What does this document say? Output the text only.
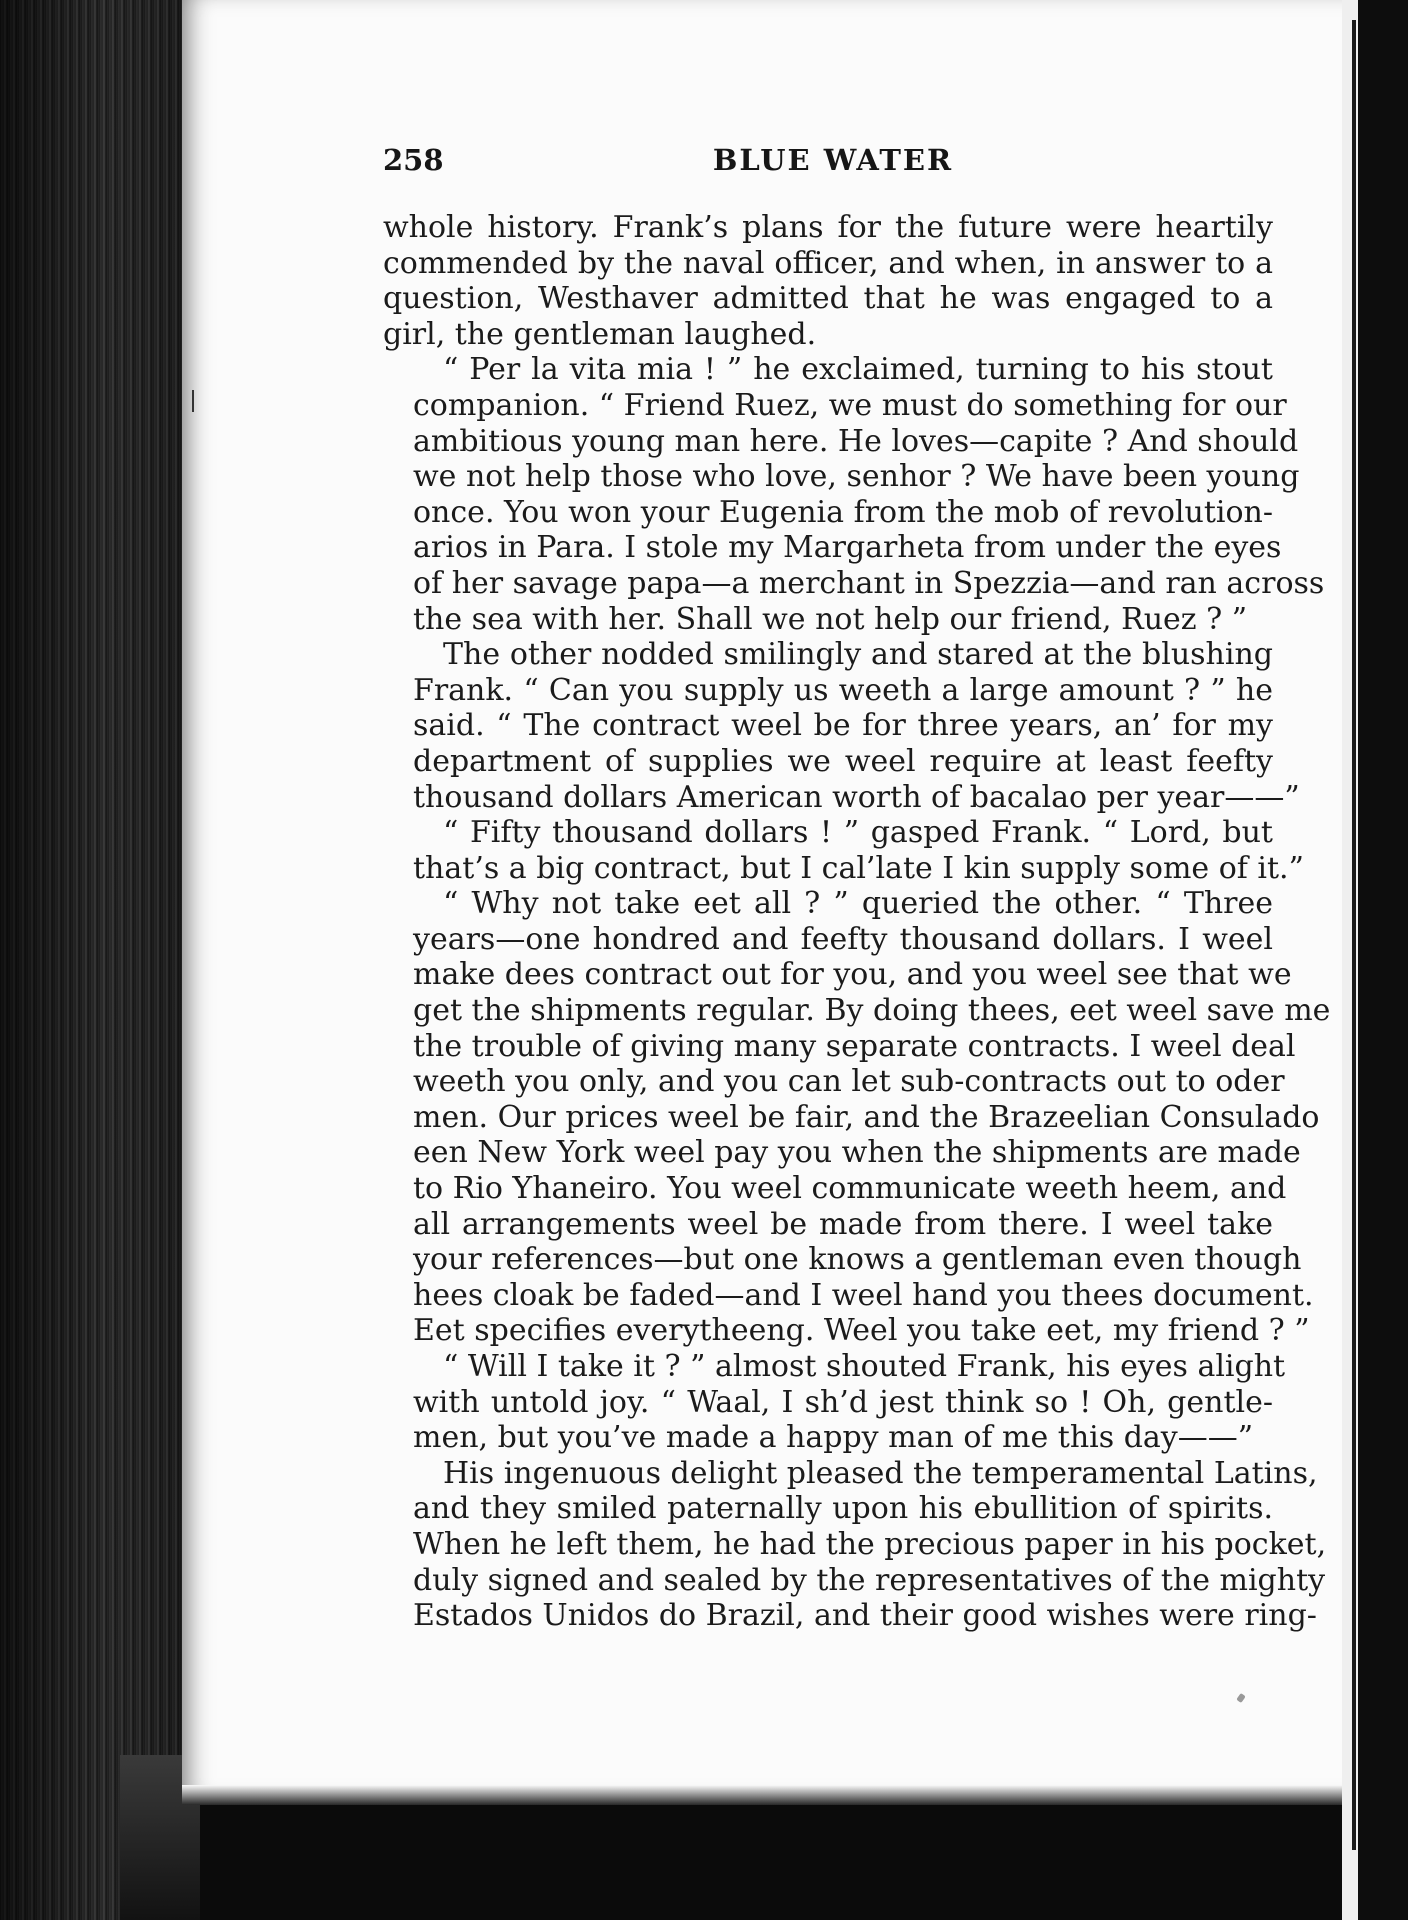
258	BLUE WATER
whole history. Frank’s plans for the future were heartily
commended by the naval officer, and when, in answer to a
question, Westhaver admitted that he was engaged to a
girl, the gentleman laughed.
“ Per la vita mia ! ” he exclaimed, turning to his stout
companion. “ Friend Ruez, we must do something for our
ambitious young man here. He loves—capite ? And should
we not help those who love, senhor ? We have been young
once. You won your Eugenia from the mob of revolution-
arios in Para. I stole my Margarheta from under the eyes
of her savage papa—a merchant in Spezzia—and ran across
the sea with her. Shall we not help our friend, Ruez ? ”
The other nodded smilingly and stared at the blushing
Frank. “ Can you supply us weeth a large amount ? ” he
said. “ The contract weel be for three years, an’ for my
department of supplies we weel require at least feefty
thousand dollars American worth of bacalao per year——”
“ Fifty thousand dollars ! ” gasped Frank. “ Lord, but
that’s a big contract, but I cal’late I kin supply some of it.”
“ Why not take eet all ? ” queried the other. “ Three
years—one hondred and feefty thousand dollars. I weel
make dees contract out for you, and you weel see that we
get the shipments regular. By doing thees, eet weel save me
the trouble of giving many separate contracts. I weel deal
weeth you only, and you can let sub-contracts out to oder
men. Our prices weel be fair, and the Brazeelian Consulado
een New York weel pay you when the shipments are made
to Rio Yhaneiro. You weel communicate weeth heem, and
all arrangements weel be made from there. I weel take
your references—but one knows a gentleman even though
hees cloak be faded—and I weel hand you thees document.
Eet specifies everytheeng. Weel you take eet, my friend ? ”
“ Will I take it ? ” almost shouted Frank, his eyes alight
with untold joy. “ Waal, I sh’d jest think so ! Oh, gentle-
men, but you’ve made a happy man of me this day——”
His ingenuous delight pleased the temperamental Latins,
and they smiled paternally upon his ebullition of spirits.
When he left them, he had the precious paper in his pocket,
duly signed and sealed by the representatives of the mighty
Estados Unidos do Brazil, and their good wishes were ring-
